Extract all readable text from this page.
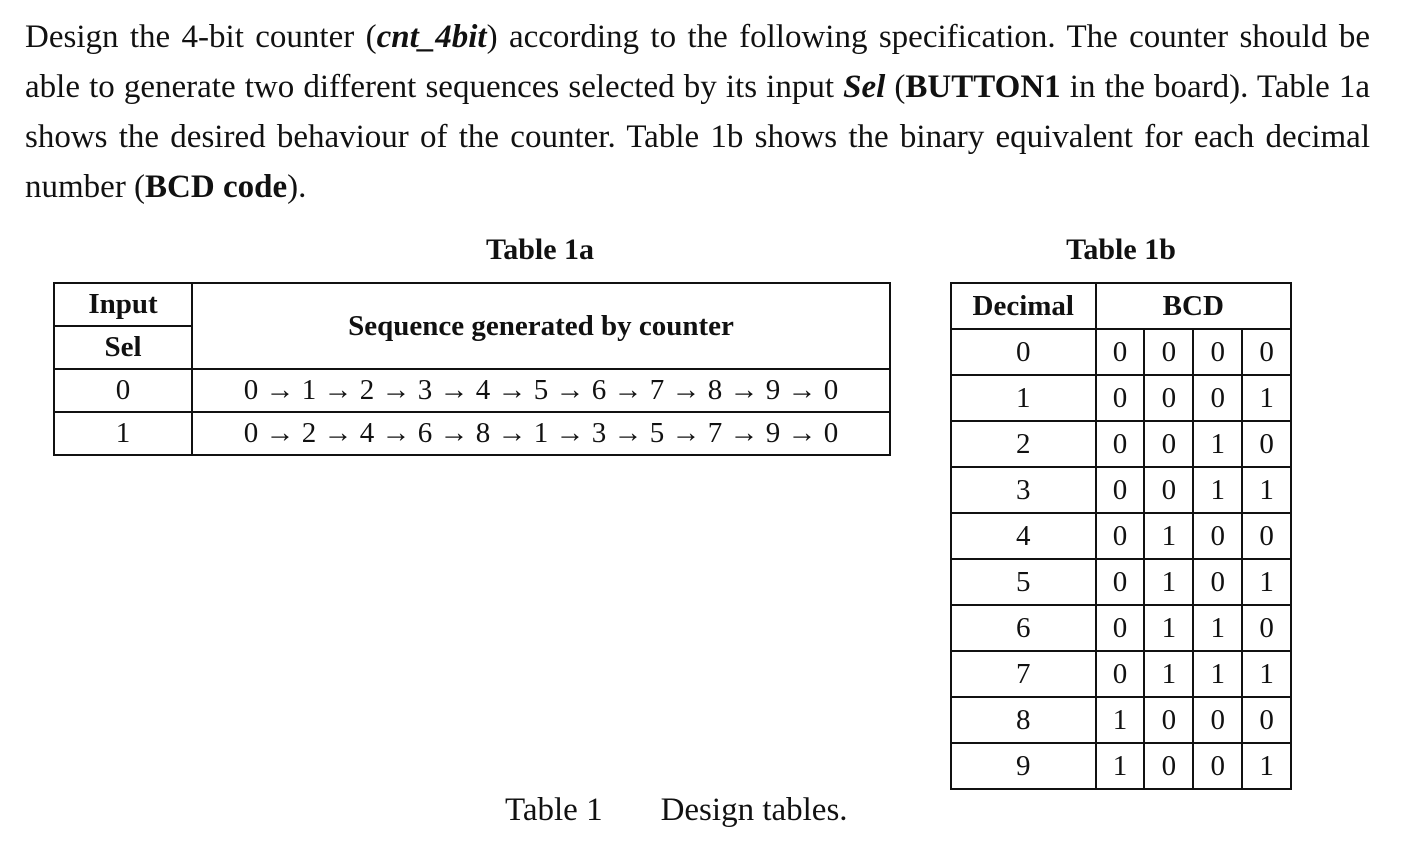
Design the 4-bit counter (cnt_4bit) according to the following specification. The counter should be able to generate two different sequences selected by its input Sel (BUTTON1 in the board). Table 1a shows the desired behaviour of the counter. Table 1b shows the binary equivalent for each decimal number (BCD code).

Table 1a	Table 1b

Input	Sequence generated by counter
Sel	
0	0 → 1 → 2 → 3 → 4 → 5 → 6 → 7 → 8 → 9 → 0
1	0 → 2 → 4 → 6 → 8 → 1 → 3 → 5 → 7 → 9 → 0
Decimal	BCD			
0	0	0	0	0
1	0	0	0	1
2	0	0	1	0
3	0	0	1	1
4	0	1	0	0
5	0	1	0	1
6	0	1	1	0
7	0	1	1	1
8	1	0	0	0
9	1	0	0	1

Table 1 Design tables.
